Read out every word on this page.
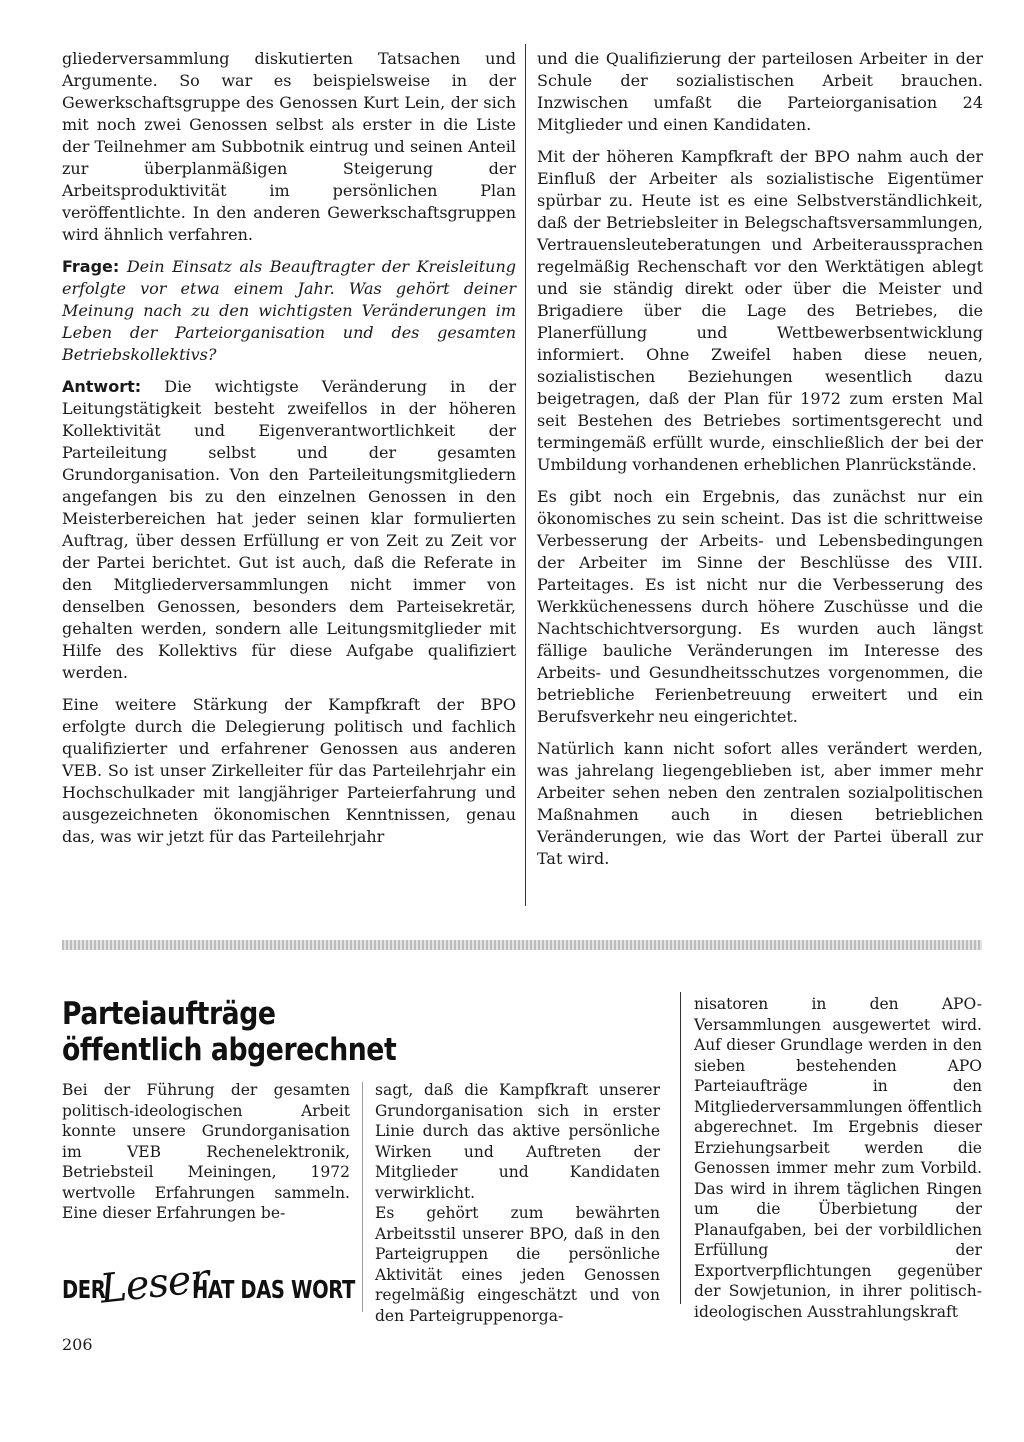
gliederversammlung diskutierten Tatsachen und Argumente. So war es beispielsweise in der Gewerkschaftsgruppe des Genossen Kurt Lein, der sich mit noch zwei Genossen selbst als erster in die Liste der Teilnehmer am Subbotnik eintrug und seinen Anteil zur überplanmäßigen Steigerung der Arbeitsproduktivität im persönlichen Plan veröffentlichte. In den anderen Gewerkschaftsgruppen wird ähnlich verfahren.

Frage: Dein Einsatz als Beauftragter der Kreisleitung erfolgte vor etwa einem Jahr. Was gehört deiner Meinung nach zu den wichtigsten Veränderungen im Leben der Parteiorganisation und des gesamten Betriebskollektivs?

Antwort: Die wichtigste Veränderung in der Leitungstätigkeit besteht zweifellos in der höheren Kollektivität und Eigenverantwortlichkeit der Parteileitung selbst und der gesamten Grundorganisation. Von den Parteileitungsmitgliedern angefangen bis zu den einzelnen Genossen in den Meisterbereichen hat jeder seinen klar formulierten Auftrag, über dessen Erfüllung er von Zeit zu Zeit vor der Partei berichtet. Gut ist auch, daß die Referate in den Mitgliederversammlungen nicht immer von denselben Genossen, besonders dem Parteisekretär, gehalten werden, sondern alle Leitungsmitglieder mit Hilfe des Kollektivs für diese Aufgabe qualifiziert werden.

Eine weitere Stärkung der Kampfkraft der BPO erfolgte durch die Delegierung politisch und fachlich qualifizierter und erfahrener Genossen aus anderen VEB. So ist unser Zirkelleiter für das Parteilehrjahr ein Hochschulkader mit langjähriger Parteierfahrung und ausgezeichneten ökonomischen Kenntnissen, genau das, was wir jetzt für das Parteilehrjahr

und die Qualifizierung der parteilosen Arbeiter in der Schule der sozialistischen Arbeit brauchen. Inzwischen umfaßt die Parteiorganisation 24 Mitglieder und einen Kandidaten.

Mit der höheren Kampfkraft der BPO nahm auch der Einfluß der Arbeiter als sozialistische Eigentümer spürbar zu. Heute ist es eine Selbstverständlichkeit, daß der Betriebsleiter in Belegschaftsversammlungen, Vertrauensleuteberatungen und Arbeiteraussprachen regelmäßig Rechenschaft vor den Werktätigen ablegt und sie ständig direkt oder über die Meister und Brigadiere über die Lage des Betriebes, die Planerfüllung und Wettbewerbsentwicklung informiert. Ohne Zweifel haben diese neuen, sozialistischen Beziehungen wesentlich dazu beigetragen, daß der Plan für 1972 zum ersten Mal seit Bestehen des Betriebes sortimentsgerecht und termingemäß erfüllt wurde, einschließlich der bei der Umbildung vorhandenen erheblichen Planrückstände.

Es gibt noch ein Ergebnis, das zunächst nur ein ökonomisches zu sein scheint. Das ist die schrittweise Verbesserung der Arbeits- und Lebensbedingungen der Arbeiter im Sinne der Beschlüsse des VIII. Parteitages. Es ist nicht nur die Verbesserung des Werkküchenessens durch höhere Zuschüsse und die Nachtschichtversorgung. Es wurden auch längst fällige bauliche Veränderungen im Interesse des Arbeits- und Gesundheitsschutzes vorgenommen, die betriebliche Ferienbetreuung erweitert und ein Berufsverkehr neu eingerichtet.

Natürlich kann nicht sofort alles verändert werden, was jahrelang liegengeblieben ist, aber immer mehr Arbeiter sehen neben den zentralen sozialpolitischen Maßnahmen auch in diesen betrieblichen Veränderungen, wie das Wort der Partei überall zur Tat wird.

Parteiaufträge
öffentlich abgerechnet

Bei der Führung der gesamten politisch-ideologischen Arbeit konnte unsere Grundorganisation im VEB Rechenelektronik, Betriebsteil Meiningen, 1972 wertvolle Erfahrungen sammeln. Eine dieser Erfahrungen be-

sagt, daß die Kampfkraft unserer Grundorganisation sich in erster Linie durch das aktive persönliche Wirken und Auftreten der Mitglieder und Kandidaten verwirklicht.

Es gehört zum bewährten Arbeitsstil unserer BPO, daß in den Parteigruppen die persönliche Aktivität eines jeden Genossen regelmäßig eingeschätzt und von den Parteigruppenorga-

nisatoren in den APO-Versammlungen ausgewertet wird. Auf dieser Grundlage werden in den sieben bestehenden APO Parteiaufträge in den Mitgliederversammlungen öffentlich abgerechnet. Im Ergebnis dieser Erziehungsarbeit werden die Genossen immer mehr zum Vorbild. Das wird in ihrem täglichen Ringen um die Überbietung der Planaufgaben, bei der vorbildlichen Erfüllung der Exportverpflichtungen gegenüber der Sowjetunion, in ihrer politisch-ideologischen Ausstrahlungskraft

DER
Leser
HAT DAS WORT
206
